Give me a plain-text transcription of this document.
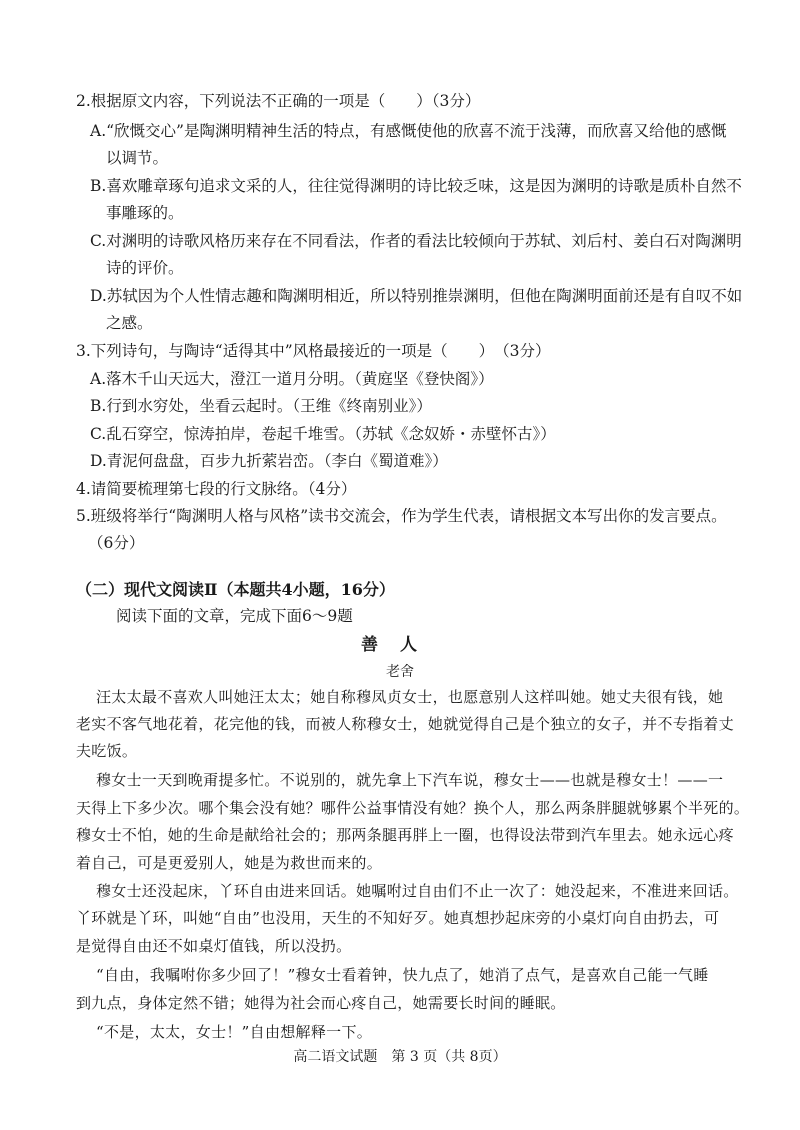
2.根据原文内容，下列说法不正确的一项是（　　）（3分）
A.“欣慨交心”是陶渊明精神生活的特点，有感慨使他的欣喜不流于浅薄，而欣喜又给他的感慨
以调节。
B.喜欢雕章琢句追求文采的人，往往觉得渊明的诗比较乏味，这是因为渊明的诗歌是质朴自然不
事雕琢的。
C.对渊明的诗歌风格历来存在不同看法，作者的看法比较倾向于苏轼、刘后村、姜白石对陶渊明
诗的评价。
D.苏轼因为个人性情志趣和陶渊明相近，所以特别推崇渊明，但他在陶渊明面前还是有自叹不如
之感。
3.下列诗句，与陶诗“适得其中”风格最接近的一项是（　　）　（3分）
A.落木千山天远大，澄江一道月分明。（黄庭坚《登快阁》）
B.行到水穷处，坐看云起时。（王维《终南别业》）
C.乱石穿空，惊涛拍岸，卷起千堆雪。（苏轼《念奴娇・赤壁怀古》）
D.青泥何盘盘，百步九折萦岩峦。（李白《蜀道难》）
4.请简要梳理第七段的行文脉络。（4分）
5.班级将举行“陶渊明人格与风格”读书交流会，作为学生代表，请根据文本写出你的发言要点。
（6分）
（二）现代文阅读Ⅱ（本题共4小题，16分）
阅读下面的文章，完成下面6～9题
善人
老舍
汪太太最不喜欢人叫她汪太太；她自称穆凤贞女士，也愿意别人这样叫她。她丈夫很有钱，她
老实不客气地花着，花完他的钱，而被人称穆女士，她就觉得自己是个独立的女子，并不专指着丈
夫吃饭。
穆女士一天到晚甭提多忙。不说别的，就先拿上下汽车说，穆女士——也就是穆女士！——一
天得上下多少次。哪个集会没有她？哪件公益事情没有她？换个人，那么两条胖腿就够累个半死的。
穆女士不怕，她的生命是献给社会的；那两条腿再胖上一圈，也得设法带到汽车里去。她永远心疼
着自己，可是更爱别人，她是为救世而来的。
穆女士还没起床，丫环自由进来回话。她嘱咐过自由们不止一次了：她没起来，不准进来回话。
丫环就是丫环，叫她“自由”也没用，天生的不知好歹。她真想抄起床旁的小桌灯向自由扔去，可
是觉得自由还不如桌灯值钱，所以没扔。
“自由，我嘱咐你多少回了！”穆女士看着钟，快九点了，她消了点气，是喜欢自己能一气睡
到九点，身体定然不错；她得为社会而心疼自己，她需要长时间的睡眠。
“不是，太太，女士！”自由想解释一下。
高二语文试题　第 3 页（共 8页）
